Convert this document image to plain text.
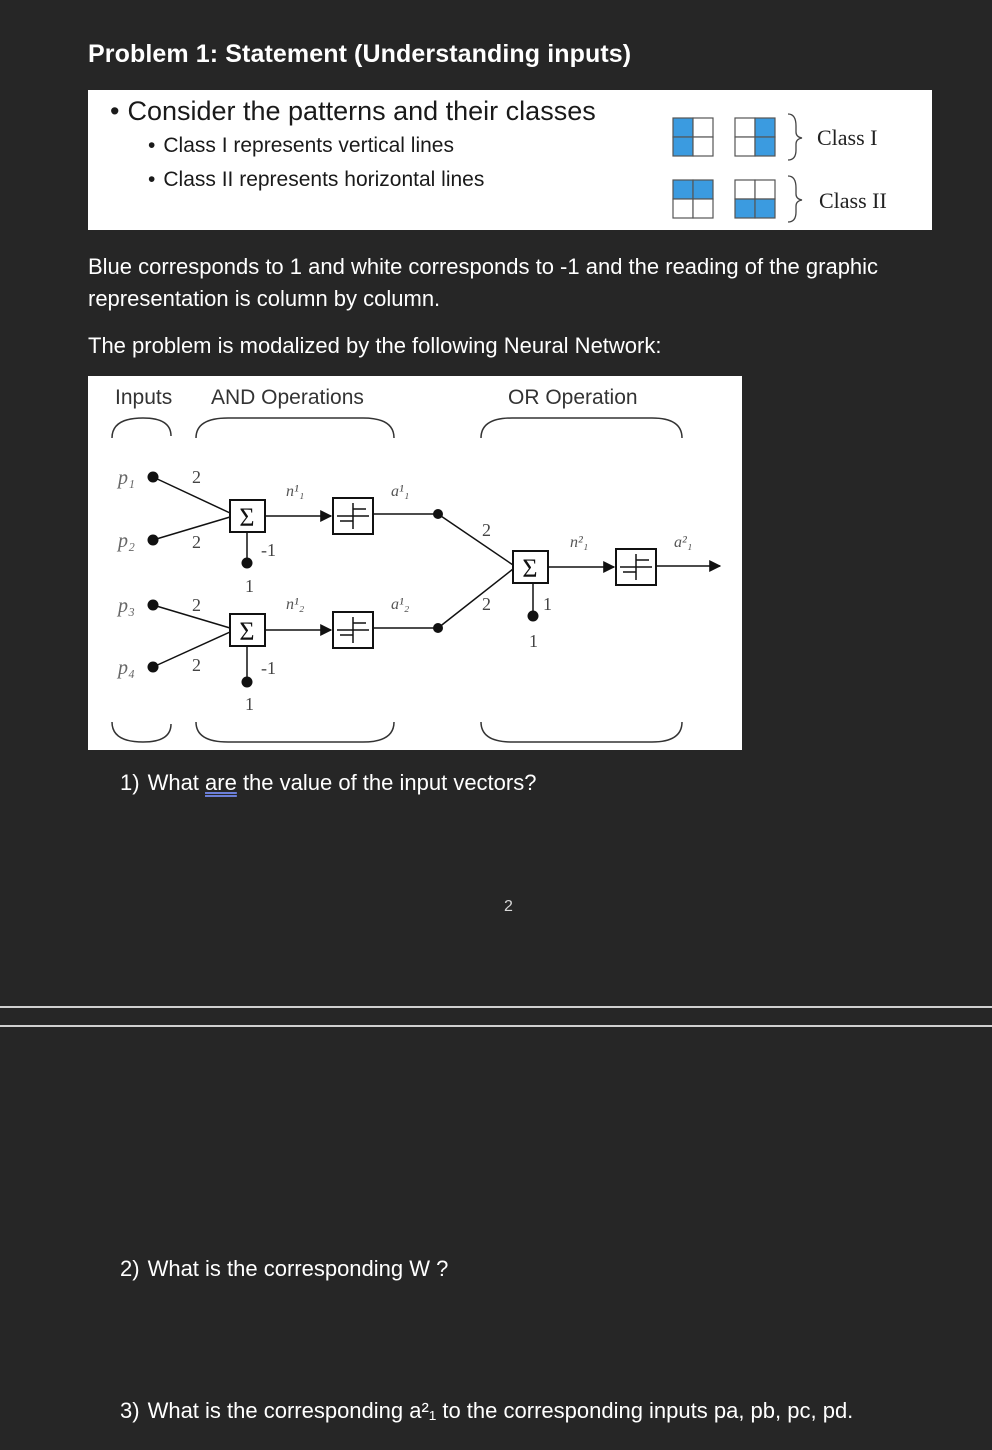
Problem 1: Statement (Understanding inputs)
• Consider the patterns and their classes
• Class I represents vertical lines
• Class II represents horizontal lines
Class I
Class II

Blue corresponds to 1 and white corresponds to -1 and the reading of the graphic representation is column by column.

The problem is modalized by the following Neural Network:

Inputs AND Operations	OR Operation
p₁
p₂
p₃
p₄
2
2
2
2
Σ
n¹₁
-1
1
a¹₁
Σ
n¹₂
-1
1
a¹₂
2
2
Σ
n²₁
1
1
a²₁

1) What are the value of the input vectors?

2

2) What is the corresponding W ?

3) What is the corresponding a²₁ to the corresponding inputs pa, pb, pc, pd.
